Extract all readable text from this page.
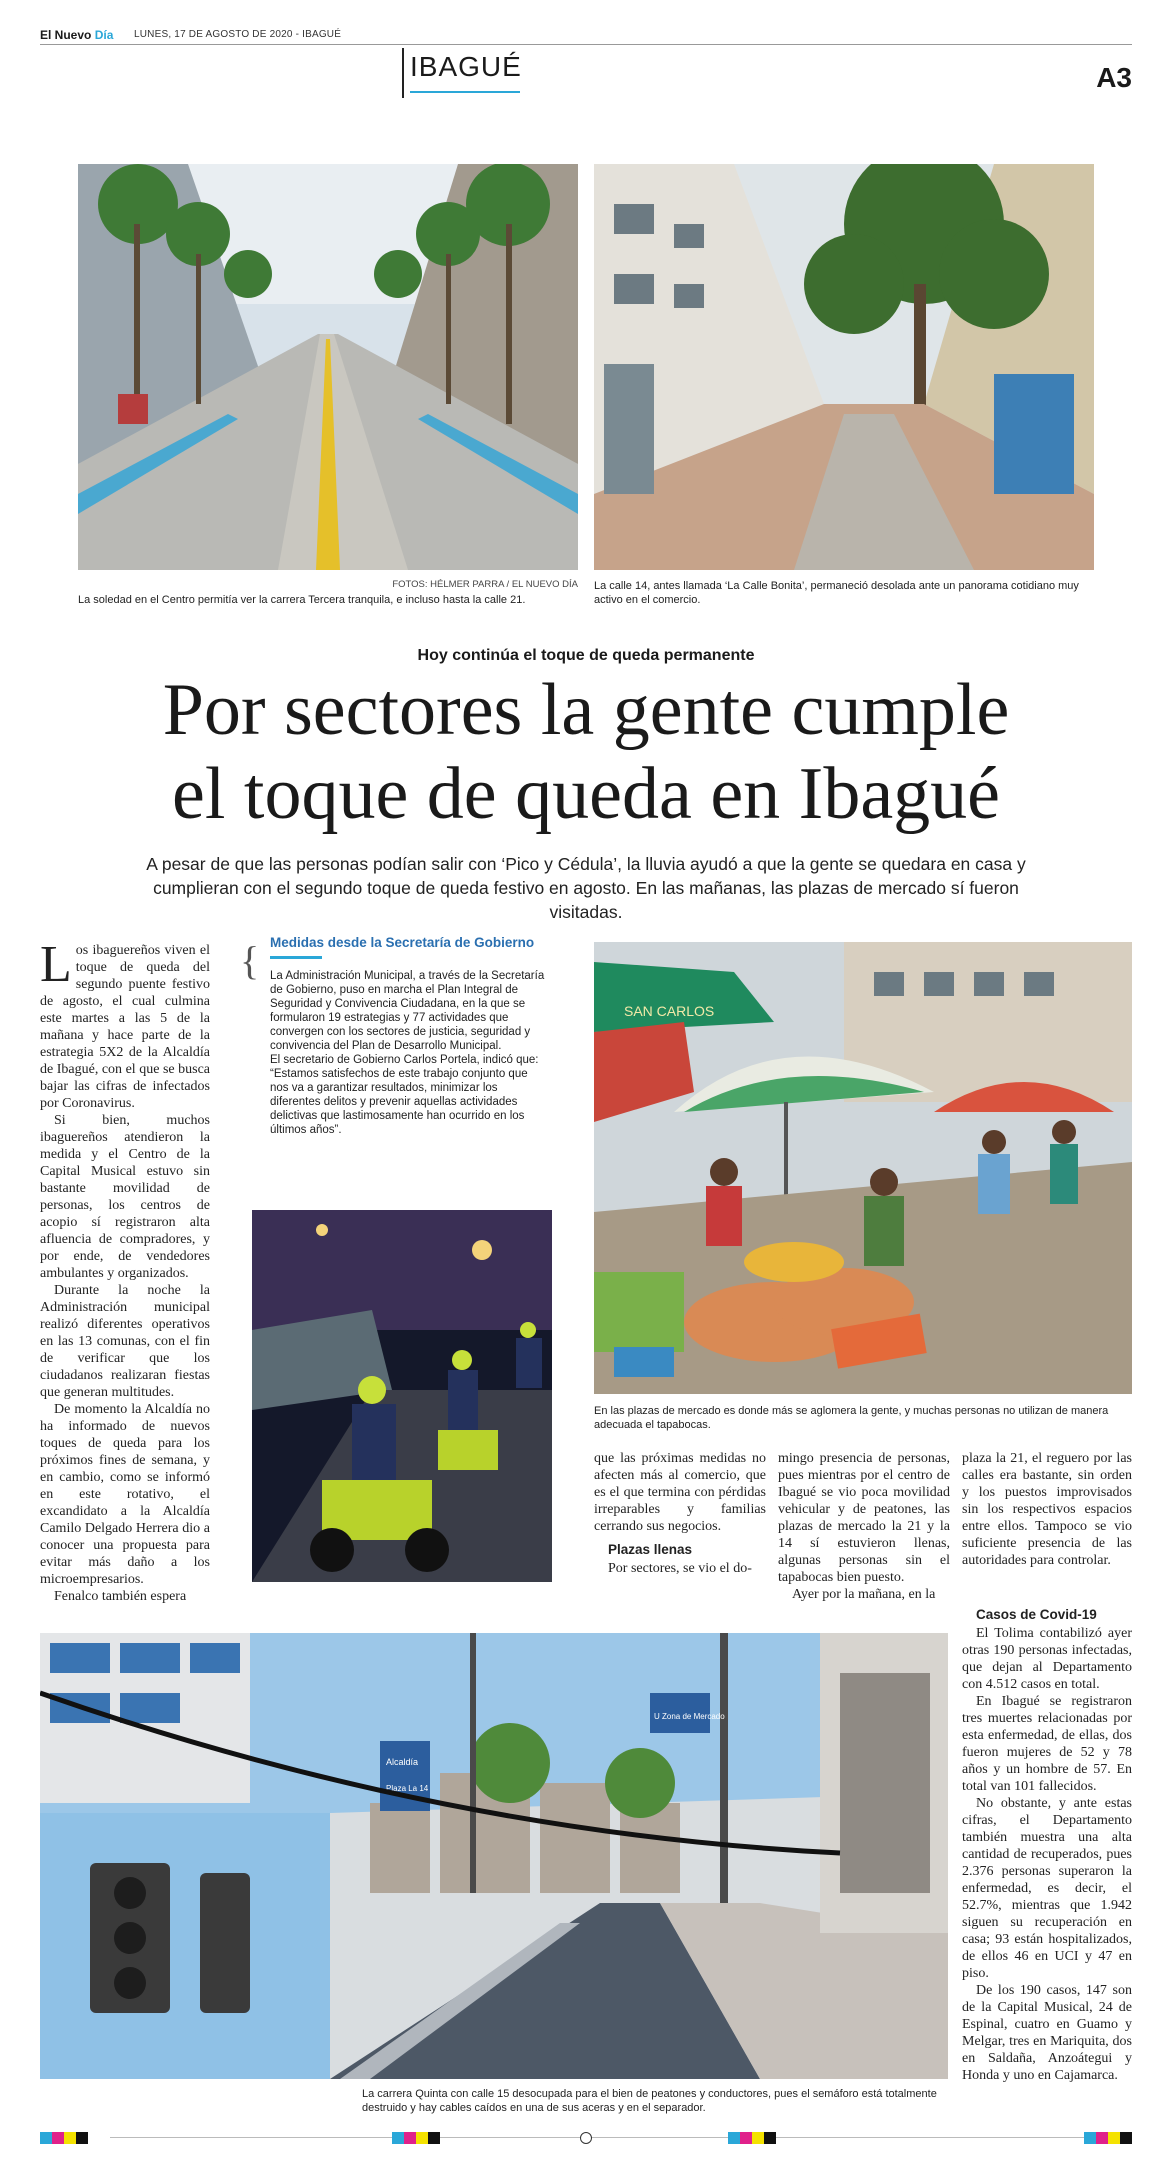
El Nuevo Día LUNES, 17 DE AGOSTO DE 2020 - IBAGUÉ
IBAGUÉ	A3
FOTOS: HÉLMER PARRA / EL NUEVO DÍA
La soledad en el Centro permitía ver la carrera Tercera tranquila, e incluso hasta la calle 21.
La calle 14, antes llamada ‘La Calle Bonita’, permaneció desolada ante un panorama cotidiano muy activo en el comercio.
Hoy continúa el toque de queda permanente
Por sectores la gente cumple
el toque de queda en Ibagué
A pesar de que las personas podían salir con ‘Pico y Cédula’, la lluvia ayudó a que la gente se quedara en casa y cumplieran con el segundo toque de queda festivo en agosto. En las mañanas, las plazas de mercado sí fueron visitadas.

Los ibaguereños viven el toque de queda del segundo puente festivo de agosto, el cual culmina este martes a las 5 de la mañana y hace parte de la estrategia 5X2 de la Alcaldía de Ibagué, con el que se busca bajar las cifras de infectados por Coronavirus.

Si bien, muchos ibaguereños atendieron la medida y el Centro de la Capital Musical estuvo sin bastante movilidad de personas, los centros de acopio sí registraron alta afluencia de compradores, y por ende, de vendedores ambulantes y organizados.

Durante la noche la Administración municipal realizó diferentes operativos en las 13 comunas, con el fin de verificar que los ciudadanos realizaran fiestas que generan multitudes.

De momento la Alcaldía no ha informado de nuevos toques de queda para los próximos fines de semana, y en cambio, como se informó en este rotativo, el excandidato a la Alcaldía Camilo Delgado Herrera dio a conocer una propuesta para evitar más daño a los microempresarios.

Fenalco también espera

{ Medidas desde la Secretaría de Gobierno
La Administración Municipal, a través de la Secretaría de Gobierno, puso en marcha el Plan Integral de Seguridad y Convivencia Ciudadana, en la que se formularon 19 estrategias y 77 actividades que convergen con los sectores de justicia, seguridad y convivencia del Plan de Desarrollo Municipal.
El secretario de Gobierno Carlos Portela, indicó que: “Estamos satisfechos de este trabajo conjunto que nos va a garantizar resultados, minimizar los diferentes delitos y prevenir aquellas actividades delictivas que lastimosamente han ocurrido en los últimos años”.
SAN CARLOS
En las plazas de mercado es donde más se aglomera la gente, y muchas personas no utilizan de manera adecuada el tapabocas.

que las próximas medidas no afecten más al comercio, que es el que termina con pérdidas irreparables y familias cerrando sus negocios.

Plazas llenas

Por sectores, se vio el do-

mingo presencia de personas, pues mientras por el centro de Ibagué se vio poca movilidad vehicular y de peatones, las plazas de mercado la 21 y la 14 sí estuvieron llenas, algunas personas sin el tapabocas bien puesto.

Ayer por la mañana, en la

plaza la 21, el reguero por las calles era bastante, sin orden y los puestos improvisados sin los respectivos espacios entre ellos. Tampoco se vio suficiente presencia de las autoridades para controlar.

Casos de Covid-19

El Tolima contabilizó ayer otras 190 personas infectadas, que dejan al Departamento con 4.512 casos en total.

En Ibagué se registraron tres muertes relacionadas por esta enfermedad, de ellas, dos fueron mujeres de 52 y 78 años y un hombre de 57. En total van 101 fallecidos.

No obstante, y ante estas cifras, el Departamento también muestra una alta cantidad de recuperados, pues 2.376 personas superaron la enfermedad, es decir, el 52.7%, mientras que 1.942 siguen su recuperación en casa; 93 están hospitalizados, de ellos 46 en UCI y 47 en piso.

De los 190 casos, 147 son de la Capital Musical, 24 de Espinal, cuatro en Guamo y Melgar, tres en Mariquita, dos en Saldaña, Anzoátegui y Honda y uno en Cajamarca.

Alcaldía
Plaza La 14
U Zona de Mercado
La carrera Quinta con calle 15 desocupada para el bien de peatones y conductores, pues el semáforo está totalmente destruido y hay cables caídos en una de sus aceras y en el separador.
